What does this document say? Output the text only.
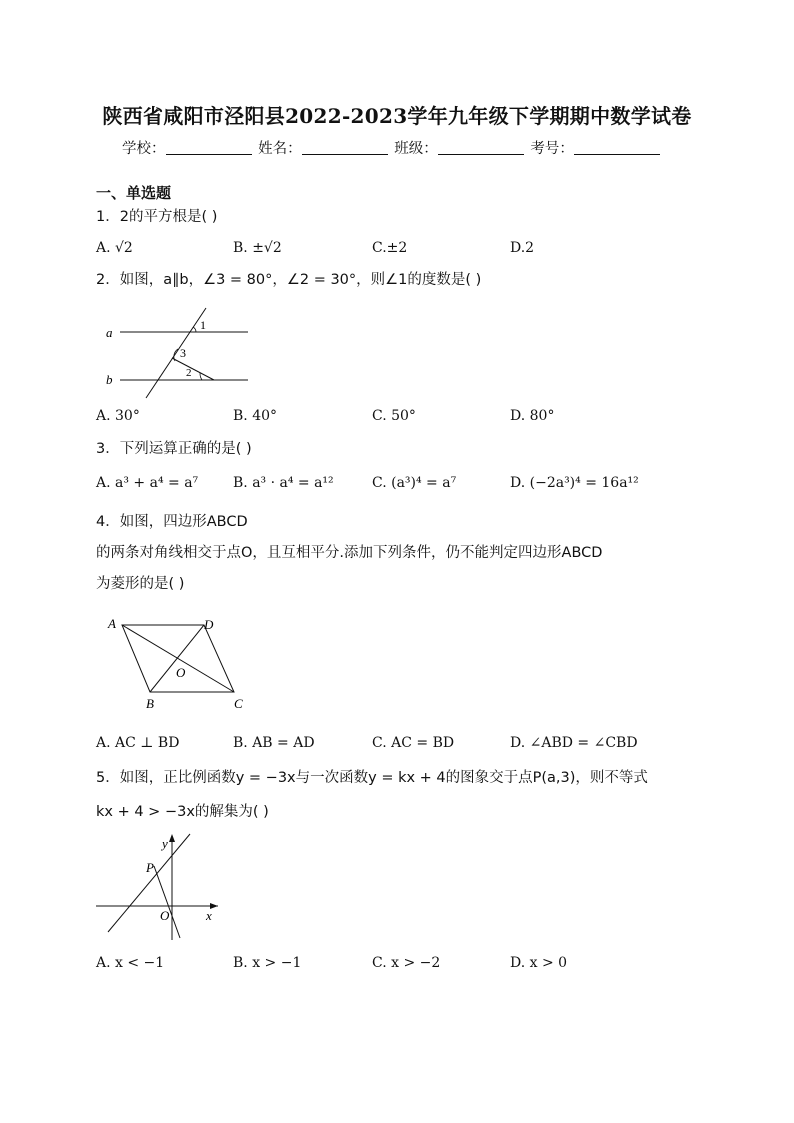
陕西省咸阳市泾阳县2022-2023学年九年级下学期期中数学试卷
学校：	姓名：	班级：	考号：
一、单选题
1．2的平方根是( )
A. √2	B. ±√2	C.±2	D.2
2．如图，a∥b，∠3 = 80°，∠2 = 30°，则∠1的度数是( )
a
b
1
2
3
A. 30°	B. 40°	C. 50°	D. 80°
3．下列运算正确的是( )
A. a³ + a⁴ = a⁷ B. a³ · a⁴ = a¹²	C. (a³)⁴ = a⁷	D. (−2a³)⁴ = 16a¹²
4．如图，四边形ABCD
的两条对角线相交于点O，且互相平分.添加下列条件，仍不能判定四边形ABCD
为菱形的是( )
A	D
O
B	C
A. AC ⊥ BD	B. AB = AD	C. AC = BD	D. ∠ABD = ∠CBD
5．如图，正比例函数y = −3x与一次函数y = kx + 4的图象交于点P(a,3)，则不等式
kx + 4 > −3x的解集为( )
y
x
O
P
A. x < −1	B. x > −1	C. x > −2	D. x > 0
